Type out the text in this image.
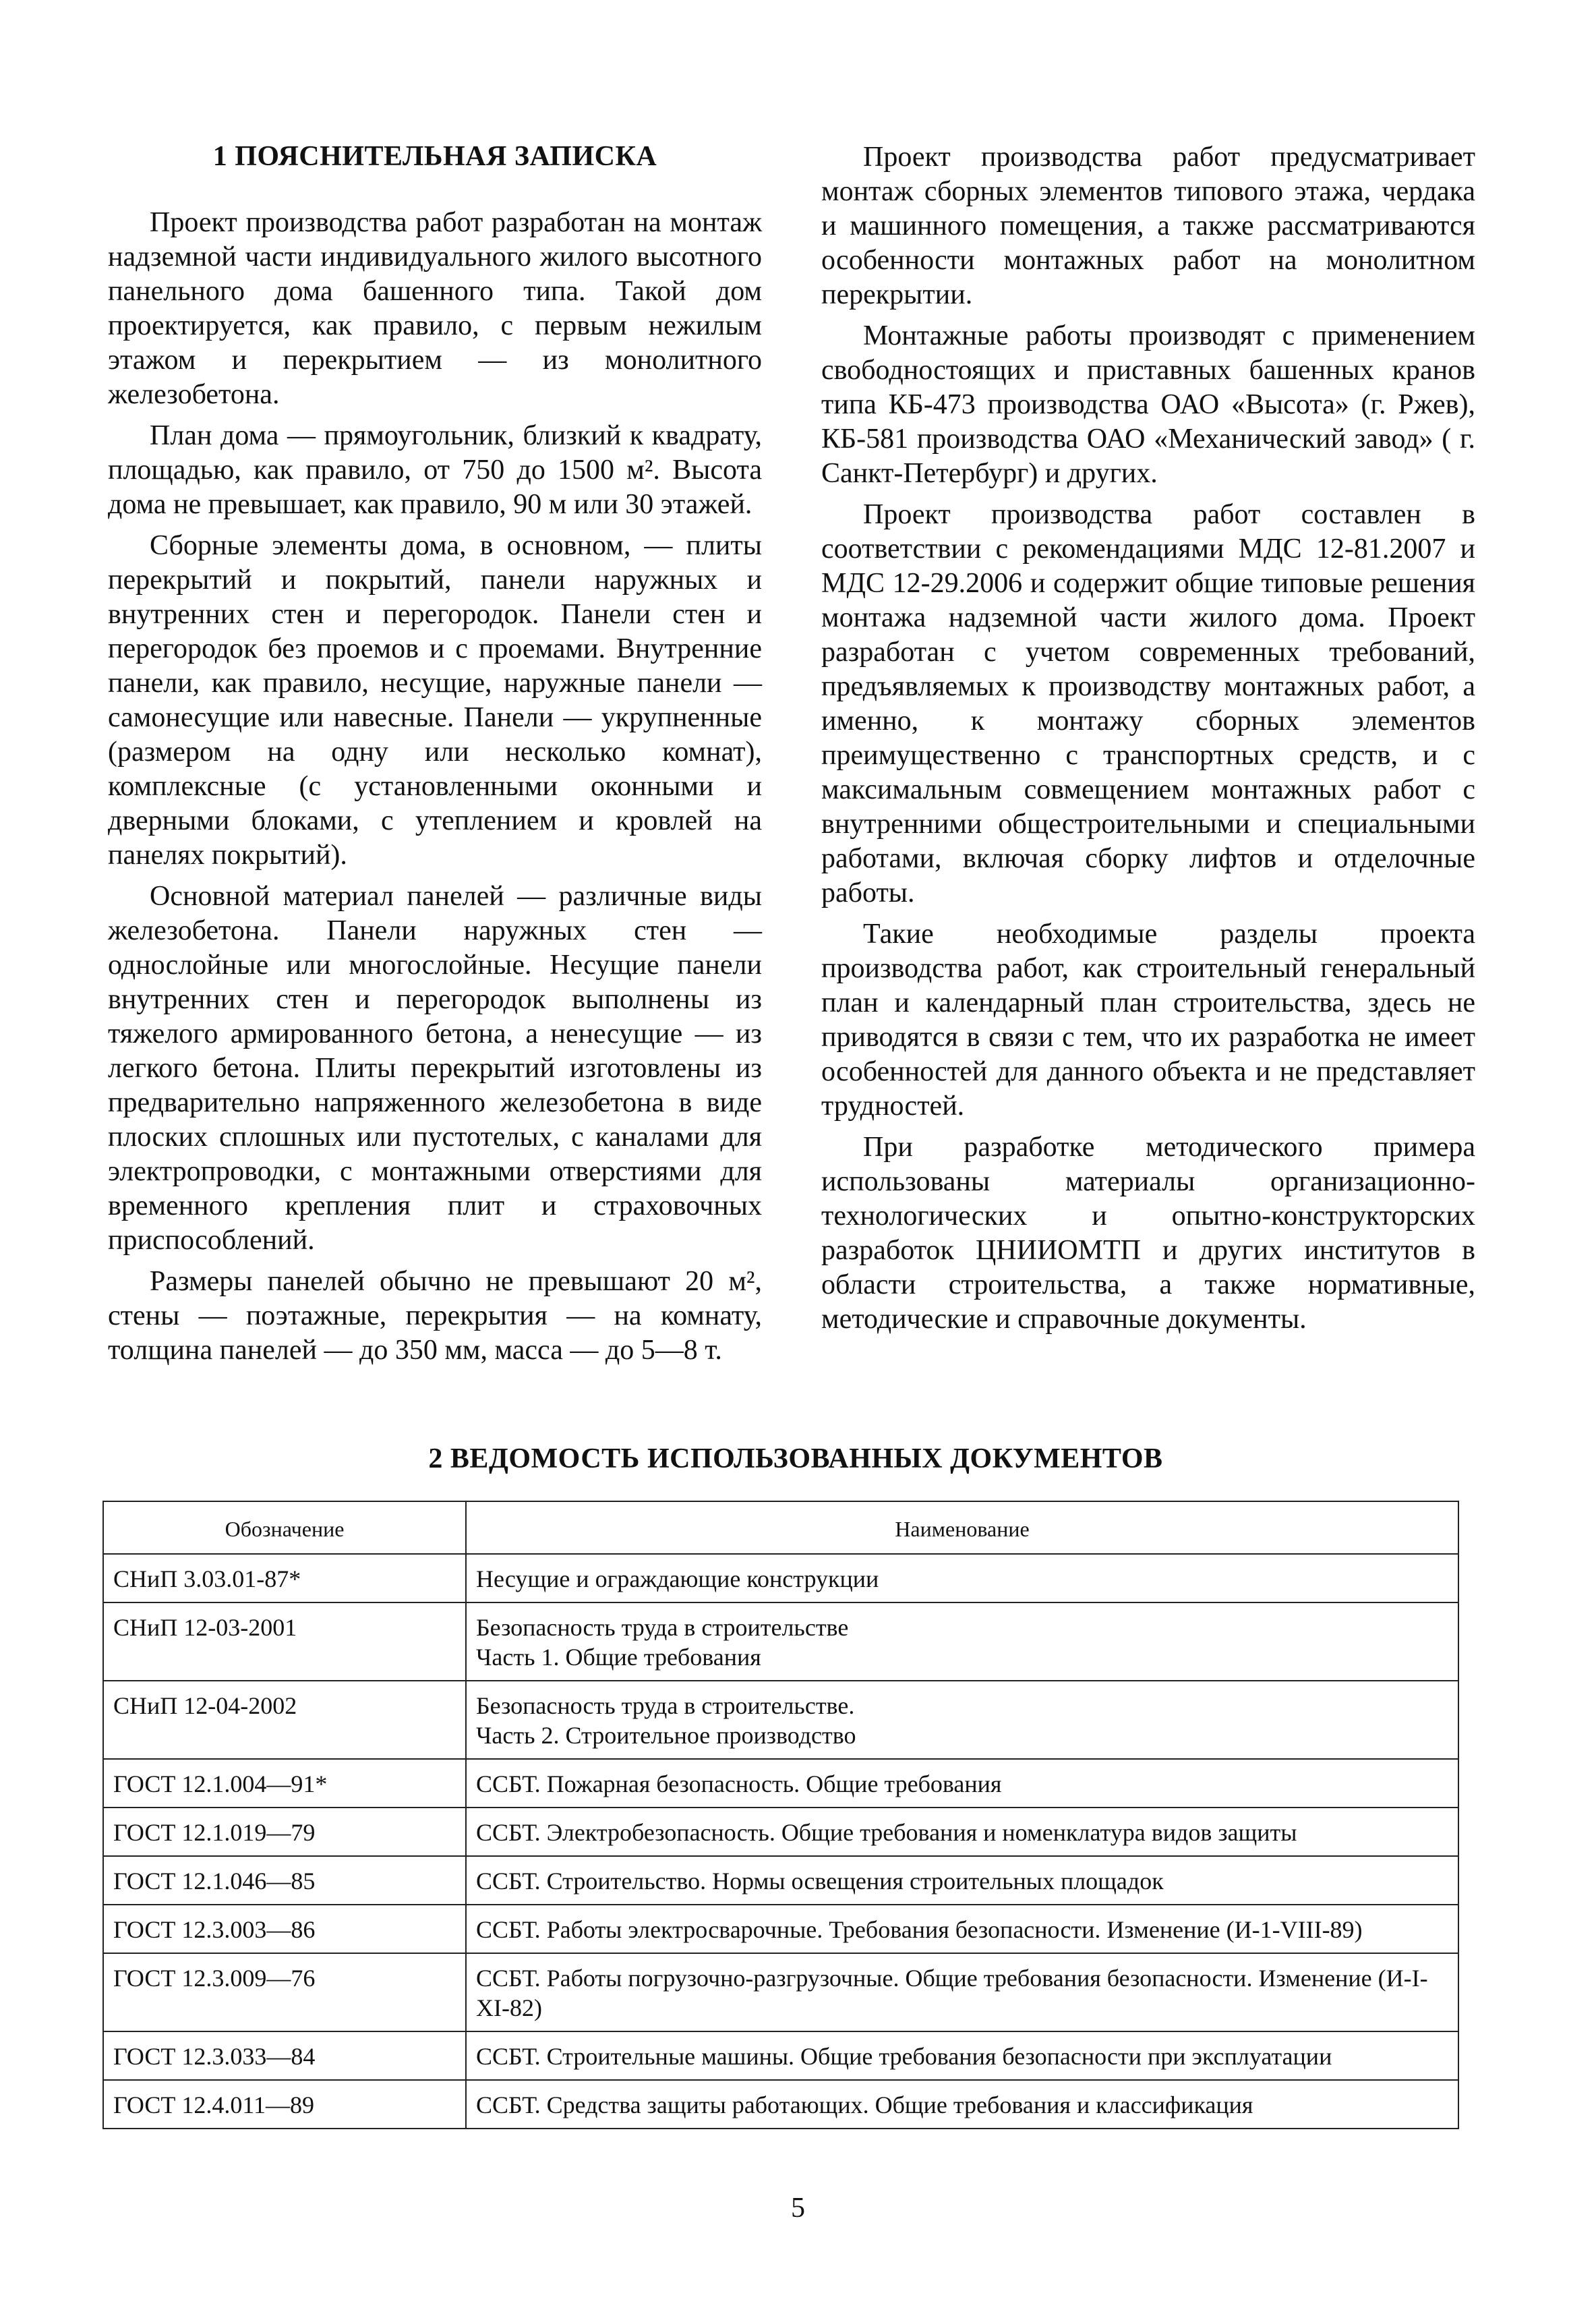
1 ПОЯСНИТЕЛЬНАЯ ЗАПИСКА

Проект производства работ разработан на монтаж надземной части индивидуального жилого высотного панельного дома башенного типа. Такой дом проектируется, как правило, с первым нежилым этажом и перекрытием — из монолитного железобетона.

План дома — прямоугольник, близкий к квадрату, площадью, как правило, от 750 до 1500 м². Высота дома не превышает, как правило, 90 м или 30 этажей.

Сборные элементы дома, в основном, — плиты перекрытий и покрытий, панели наружных и внутренних стен и перегородок. Панели стен и перегородок без проемов и с проемами. Внутренние панели, как правило, несущие, наружные панели — самонесущие или навесные. Панели — укрупненные (размером на одну или несколько комнат), комплексные (с установленными оконными и дверными блоками, с утеплением и кровлей на панелях покрытий).

Основной материал панелей — различные виды железобетона. Панели наружных стен — однослойные или многослойные. Несущие панели внутренних стен и перегородок выполнены из тяжелого армированного бетона, а ненесущие — из легкого бетона. Плиты перекрытий изготовлены из предварительно напряженного железобетона в виде плоских сплошных или пустотелых, с каналами для электропроводки, с монтажными отверстиями для временного крепления плит и страховочных приспособлений.

Размеры панелей обычно не превышают 20 м², стены — поэтажные, перекрытия — на комнату, толщина панелей — до 350 мм, масса — до 5—8 т.

Проект производства работ предусматривает монтаж сборных элементов типового этажа, чердака и машинного помещения, а также рассматриваются особенности монтажных работ на монолитном перекрытии.

Монтажные работы производят с применением свободностоящих и приставных башенных кранов типа КБ-473 производства ОАО «Высота» (г. Ржев), КБ-581 производства ОАО «Механический завод» ( г. Санкт-Петербург) и других.

Проект производства работ составлен в соответствии с рекомендациями МДС 12-81.2007 и МДС 12-29.2006 и содержит общие типовые решения монтажа надземной части жилого дома. Проект разработан с учетом современных требований, предъявляемых к производству монтажных работ, а именно, к монтажу сборных элементов преимущественно с транспортных средств, и с максимальным совмещением монтажных работ с внутренними общестроительными и специальными работами, включая сборку лифтов и отделочные работы.

Такие необходимые разделы проекта производства работ, как строительный генеральный план и календарный план строительства, здесь не приводятся в связи с тем, что их разработка не имеет особенностей для данного объекта и не представляет трудностей.

При разработке методического примера использованы материалы организационно-технологических и опытно-конструкторских разработок ЦНИИОМТП и других институтов в области строительства, а также нормативные, методические и справочные документы.

2 ВЕДОМОСТЬ ИСПОЛЬЗОВАННЫХ ДОКУМЕНТОВ
Обозначение	Наименование
СНиП 3.03.01-87*	Несущие и ограждающие конструкции

СНиП 12-03-2001	Безопасность труда в строительстве
Часть 1. Общие требования

СНиП 12-04-2002	Безопасность труда в строительстве.
Часть 2. Строительное производство

ГОСТ 12.1.004—91*	ССБТ. Пожарная безопасность. Общие требования

ГОСТ 12.1.019—79	ССБТ. Электробезопасность. Общие требования и номенклатура видов защиты

ГОСТ 12.1.046—85	ССБТ. Строительство. Нормы освещения строительных площадок

ГОСТ 12.3.003—86	ССБТ. Работы электросварочные. Требования безопасности. Изменение (И-1-VIII-89)

ГОСТ 12.3.009—76	ССБТ. Работы погрузочно-разгрузочные. Общие требования безопасности. Изменение (И-I-XI-82)

ГОСТ 12.3.033—84	ССБТ. Строительные машины. Общие требования безопасности при эксплуатации

ГОСТ 12.4.011—89	ССБТ. Средства защиты работающих. Общие требования и классификация
5
